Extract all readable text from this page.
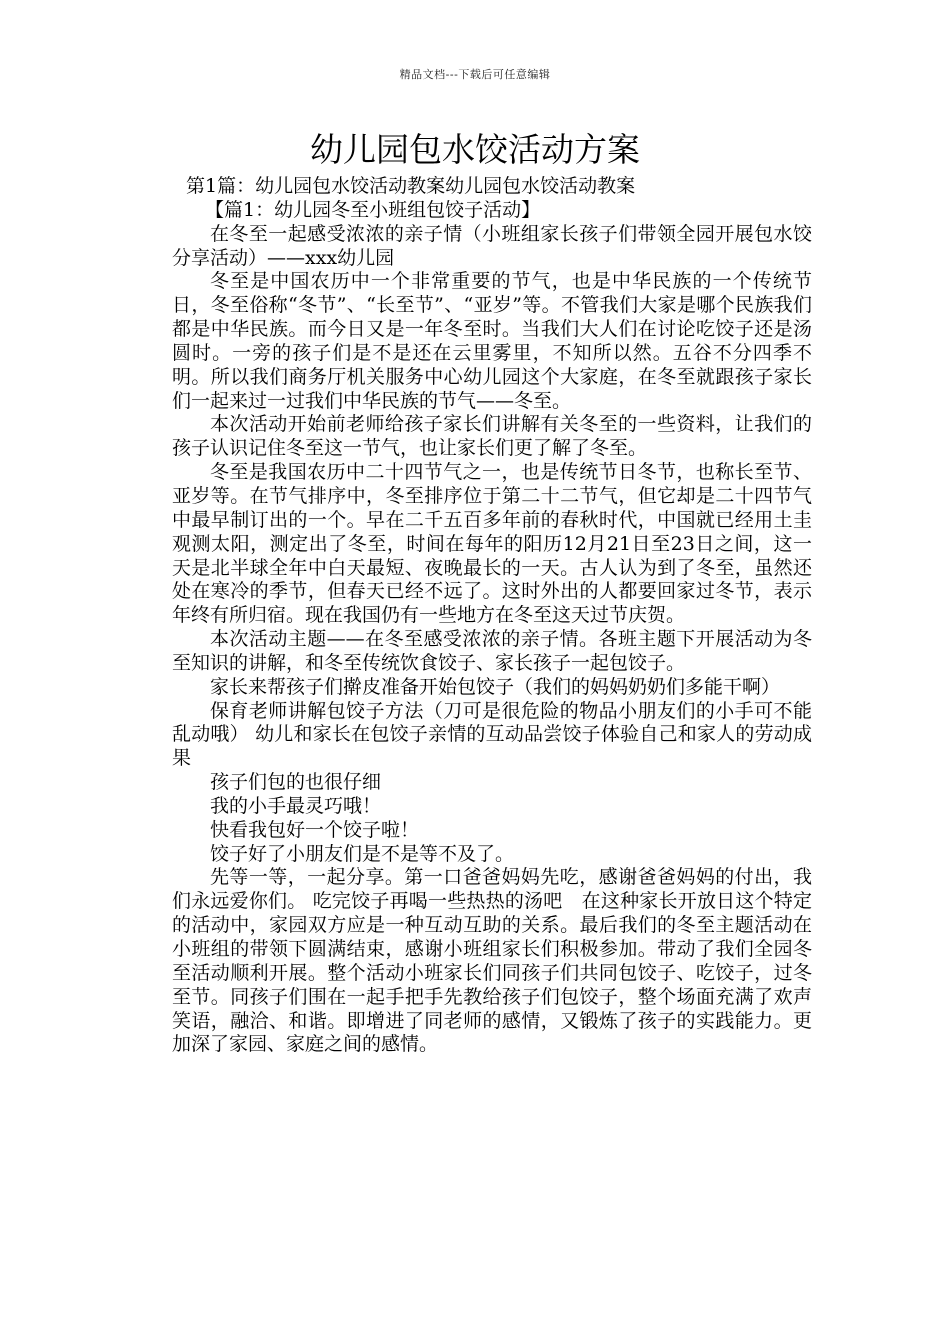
精品文档---下载后可任意编辑
幼儿园包水饺活动方案

第1篇：幼儿园包水饺活动教案幼儿园包水饺活动教案

【篇1：幼儿园冬至小班组包饺子活动】

在冬至一起感受浓浓的亲子情（小班组家长孩子们带领全园开展包水饺分享活动）——xxx幼儿园

冬至是中国农历中一个非常重要的节气，也是中华民族的一个传统节日，冬至俗称“冬节”、“长至节”、“亚岁”等。不管我们大家是哪个民族我们都是中华民族。而今日又是一年冬至时。当我们大人们在讨论吃饺子还是汤圆时。一旁的孩子们是不是还在云里雾里，不知所以然。五谷不分四季不明。所以我们商务厅机关服务中心幼儿园这个大家庭，在冬至就跟孩子家长们一起来过一过我们中华民族的节气——冬至。

本次活动开始前老师给孩子家长们讲解有关冬至的一些资料，让我们的孩子认识记住冬至这一节气，也让家长们更了解了冬至。

冬至是我国农历中二十四节气之一，也是传统节日冬节，也称长至节、亚岁等。在节气排序中，冬至排序位于第二十二节气，但它却是二十四节气中最早制订出的一个。早在二千五百多年前的春秋时代，中国就已经用土圭观测太阳，测定出了冬至，时间在每年的阳历12月21日至23日之间，这一天是北半球全年中白天最短、夜晚最长的一天。古人认为到了冬至，虽然还处在寒冷的季节，但春天已经不远了。这时外出的人都要回家过冬节，表示年终有所归宿。现在我国仍有一些地方在冬至这天过节庆贺。

本次活动主题——在冬至感受浓浓的亲子情。各班主题下开展活动为冬至知识的讲解，和冬至传统饮食饺子、家长孩子一起包饺子。

家长来帮孩子们擀皮准备开始包饺子（我们的妈妈奶奶们多能干啊）

保育老师讲解包饺子方法（刀可是很危险的物品小朋友们的小手可不能乱动哦） 幼儿和家长在包饺子亲情的互动品尝饺子体验自己和家人的劳动成果

孩子们包的也很仔细

我的小手最灵巧哦！

快看我包好一个饺子啦！

饺子好了小朋友们是不是等不及了。

先等一等，一起分享。第一口爸爸妈妈先吃，感谢爸爸妈妈的付出，我们永远爱你们。 吃完饺子再喝一些热热的汤吧　在这种家长开放日这个特定的活动中，家园双方应是一种互动互助的关系。最后我们的冬至主题活动在小班组的带领下圆满结束，感谢小班组家长们积极参加。带动了我们全园冬至活动顺利开展。整个活动小班家长们同孩子们共同包饺子、吃饺子，过冬至节。同孩子们围在一起手把手先教给孩子们包饺子，整个场面充满了欢声笑语，融洽、和谐。即增进了同老师的感情，又锻炼了孩子的实践能力。更加深了家园、家庭之间的感情。
